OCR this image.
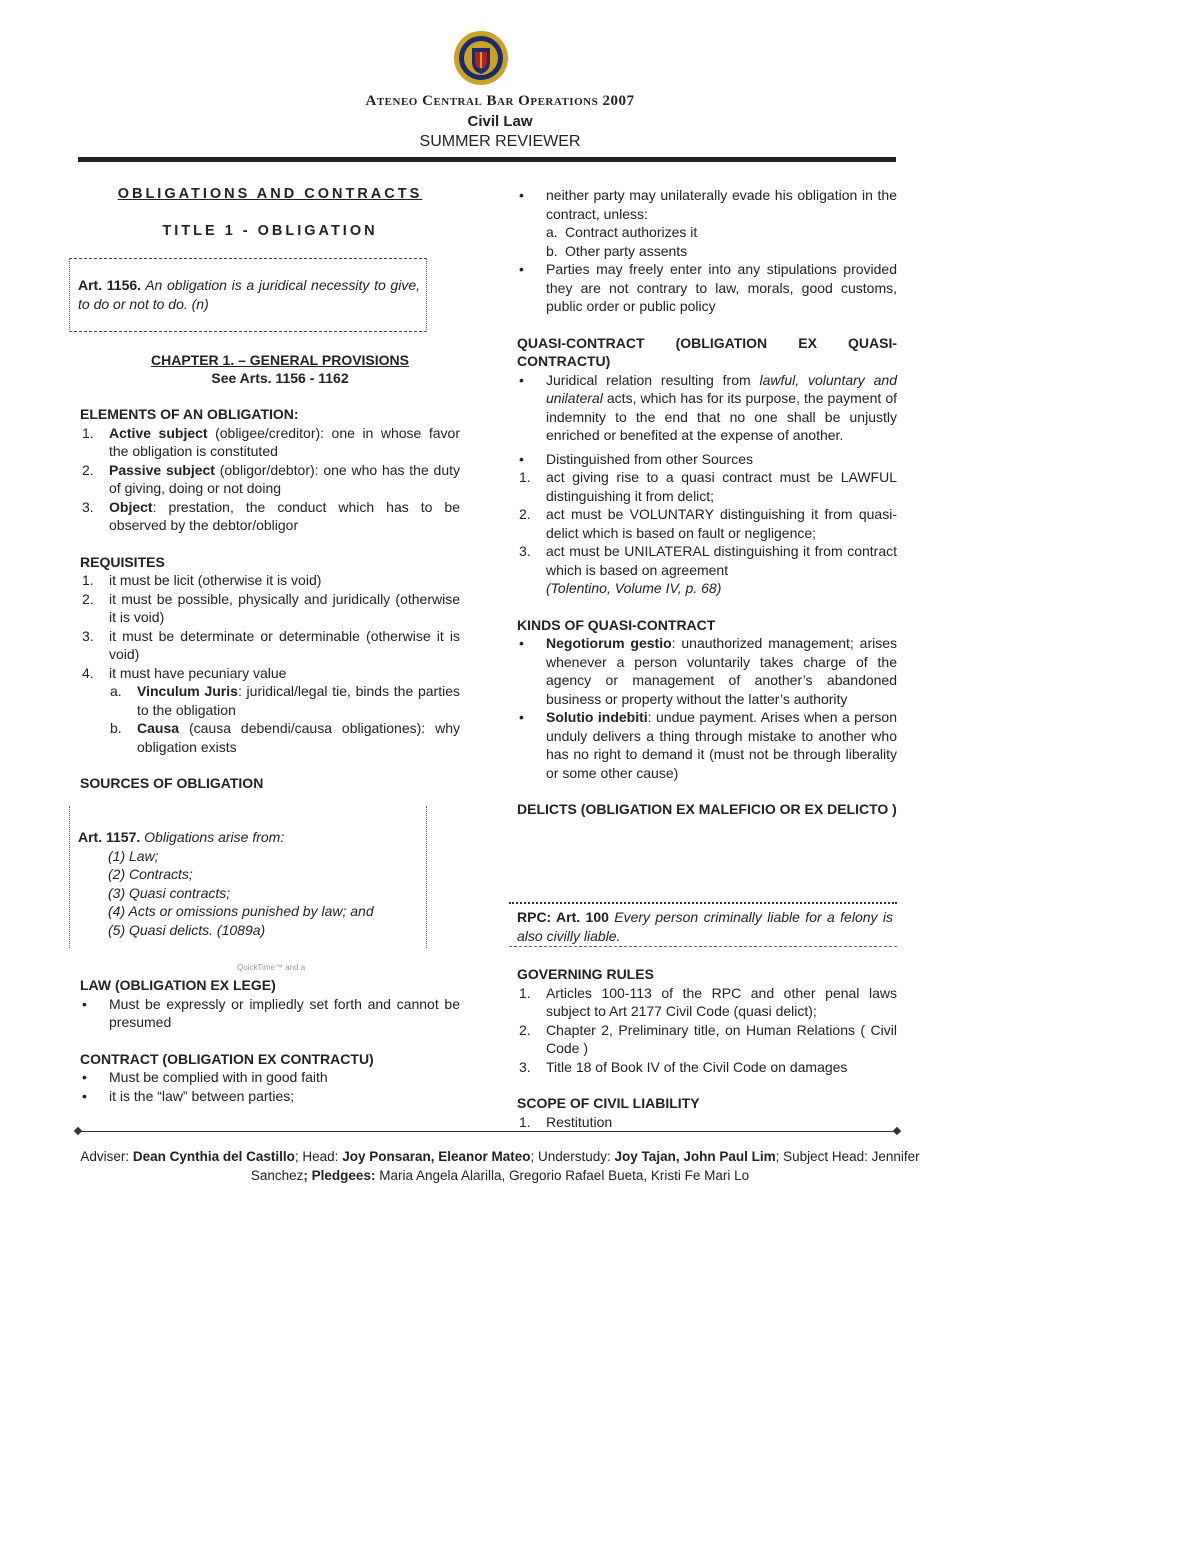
Ateneo Central Bar Operations 2007
Civil Law
SUMMER REVIEWER
OBLIGATIONS AND CONTRACTS
TITLE 1 - OBLIGATION
Art. 1156. An obligation is a juridical necessity to give, to do or not to do. (n)
CHAPTER 1. – GENERAL PROVISIONS
See Arts. 1156 - 1162
ELEMENTS OF AN OBLIGATION:
1. Active subject (obligee/creditor): one in whose favor the obligation is constituted
2. Passive subject (obligor/debtor): one who has the duty of giving, doing or not doing
3. Object: prestation, the conduct which has to be observed by the debtor/obligor
REQUISITES
1. it must be licit (otherwise it is void)
2. it must be possible, physically and juridically (otherwise it is void)
3. it must be determinate or determinable (otherwise it is void)
4. it must have pecuniary value
a. Vinculum Juris: juridical/legal tie, binds the parties to the obligation
b. Causa (causa debendi/causa obligationes): why obligation exists
SOURCES OF OBLIGATION
Art. 1157. Obligations arise from:
(1) Law;
(2) Contracts;
(3) Quasi contracts;
(4) Acts or omissions punished by law; and
(5) Quasi delicts. (1089a)
QuickTime™ and a
LAW (OBLIGATION EX LEGE)
• Must be expressly or impliedly set forth and cannot be presumed
CONTRACT (OBLIGATION EX CONTRACTU)
• Must be complied with in good faith
• it is the “law” between parties;
• neither party may unilaterally evade his obligation in the contract, unless:
a. Contract authorizes it
b. Other party assents
• Parties may freely enter into any stipulations provided they are not contrary to law, morals, good customs, public order or public policy
QUASI-CONTRACT (OBLIGATION EX QUASI-CONTRACTU)
• Juridical relation resulting from lawful, voluntary and unilateral acts, which has for its purpose, the payment of indemnity to the end that no one shall be unjustly enriched or benefited at the expense of another.
• Distinguished from other Sources
1. act giving rise to a quasi contract must be LAWFUL distinguishing it from delict;
2. act must be VOLUNTARY distinguishing it from quasi-delict which is based on fault or negligence;
3. act must be UNILATERAL distinguishing it from contract which is based on agreement
(Tolentino, Volume IV, p. 68)
KINDS OF QUASI-CONTRACT
• Negotiorum gestio: unauthorized management; arises whenever a person voluntarily takes charge of the agency or management of another’s abandoned business or property without the latter’s authority
• Solutio indebiti: undue payment. Arises when a person unduly delivers a thing through mistake to another who has no right to demand it (must not be through liberality or some other cause)
DELICTS (OBLIGATION EX MALEFICIO OR EX DELICTO )
RPC: Art. 100 Every person criminally liable for a felony is also civilly liable.
GOVERNING RULES
1. Articles 100-113 of the RPC and other penal laws subject to Art 2177 Civil Code (quasi delict);
2. Chapter 2, Preliminary title, on Human Relations ( Civil Code )
3. Title 18 of Book IV of the Civil Code on damages
SCOPE OF CIVIL LIABILITY
1. Restitution
Adviser: Dean Cynthia del Castillo; Head: Joy Ponsaran, Eleanor Mateo; Understudy: Joy Tajan, John Paul Lim; Subject Head: Jennifer Sanchez; Pledgees: Maria Angela Alarilla, Gregorio Rafael Bueta, Kristi Fe Mari Lo
